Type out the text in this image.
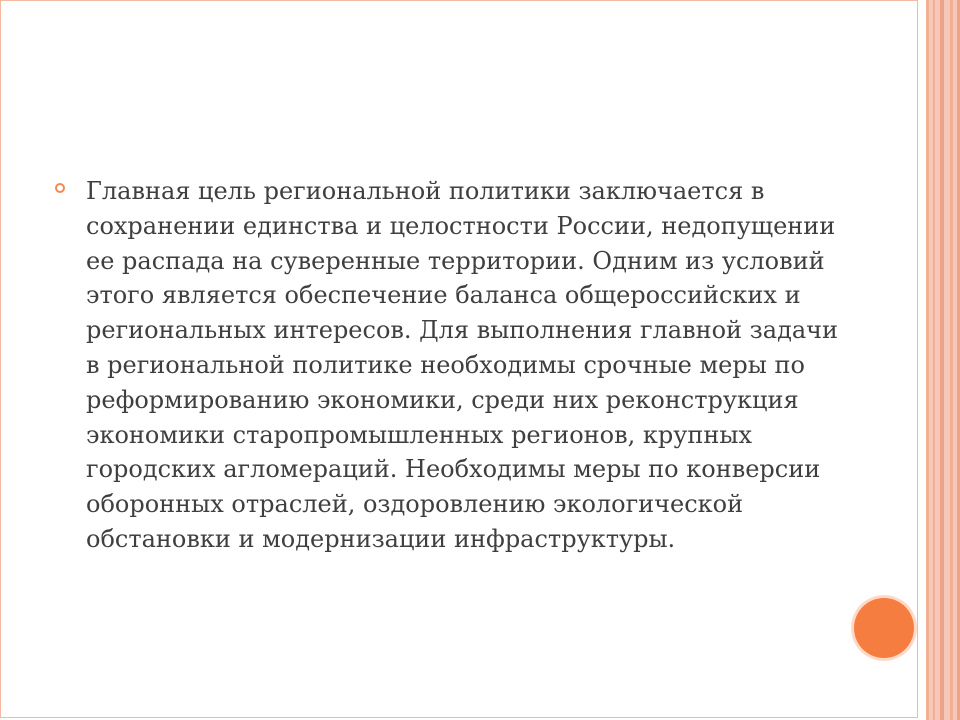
Главная цель региональной политики заключается в сохранении единства и целостности России, недопущении ее распада на суверенные территории. Одним из условий этого является обеспечение баланса общероссийских и региональных интересов. Для выполнения главной задачи в региональной политике необходимы срочные меры по реформированию экономики, среди них реконструкция экономики старопромышленных регионов, крупных городских агломераций. Необходимы меры по конверсии оборонных отраслей, оздоровлению экологической обстановки и модернизации инфраструктуры.
